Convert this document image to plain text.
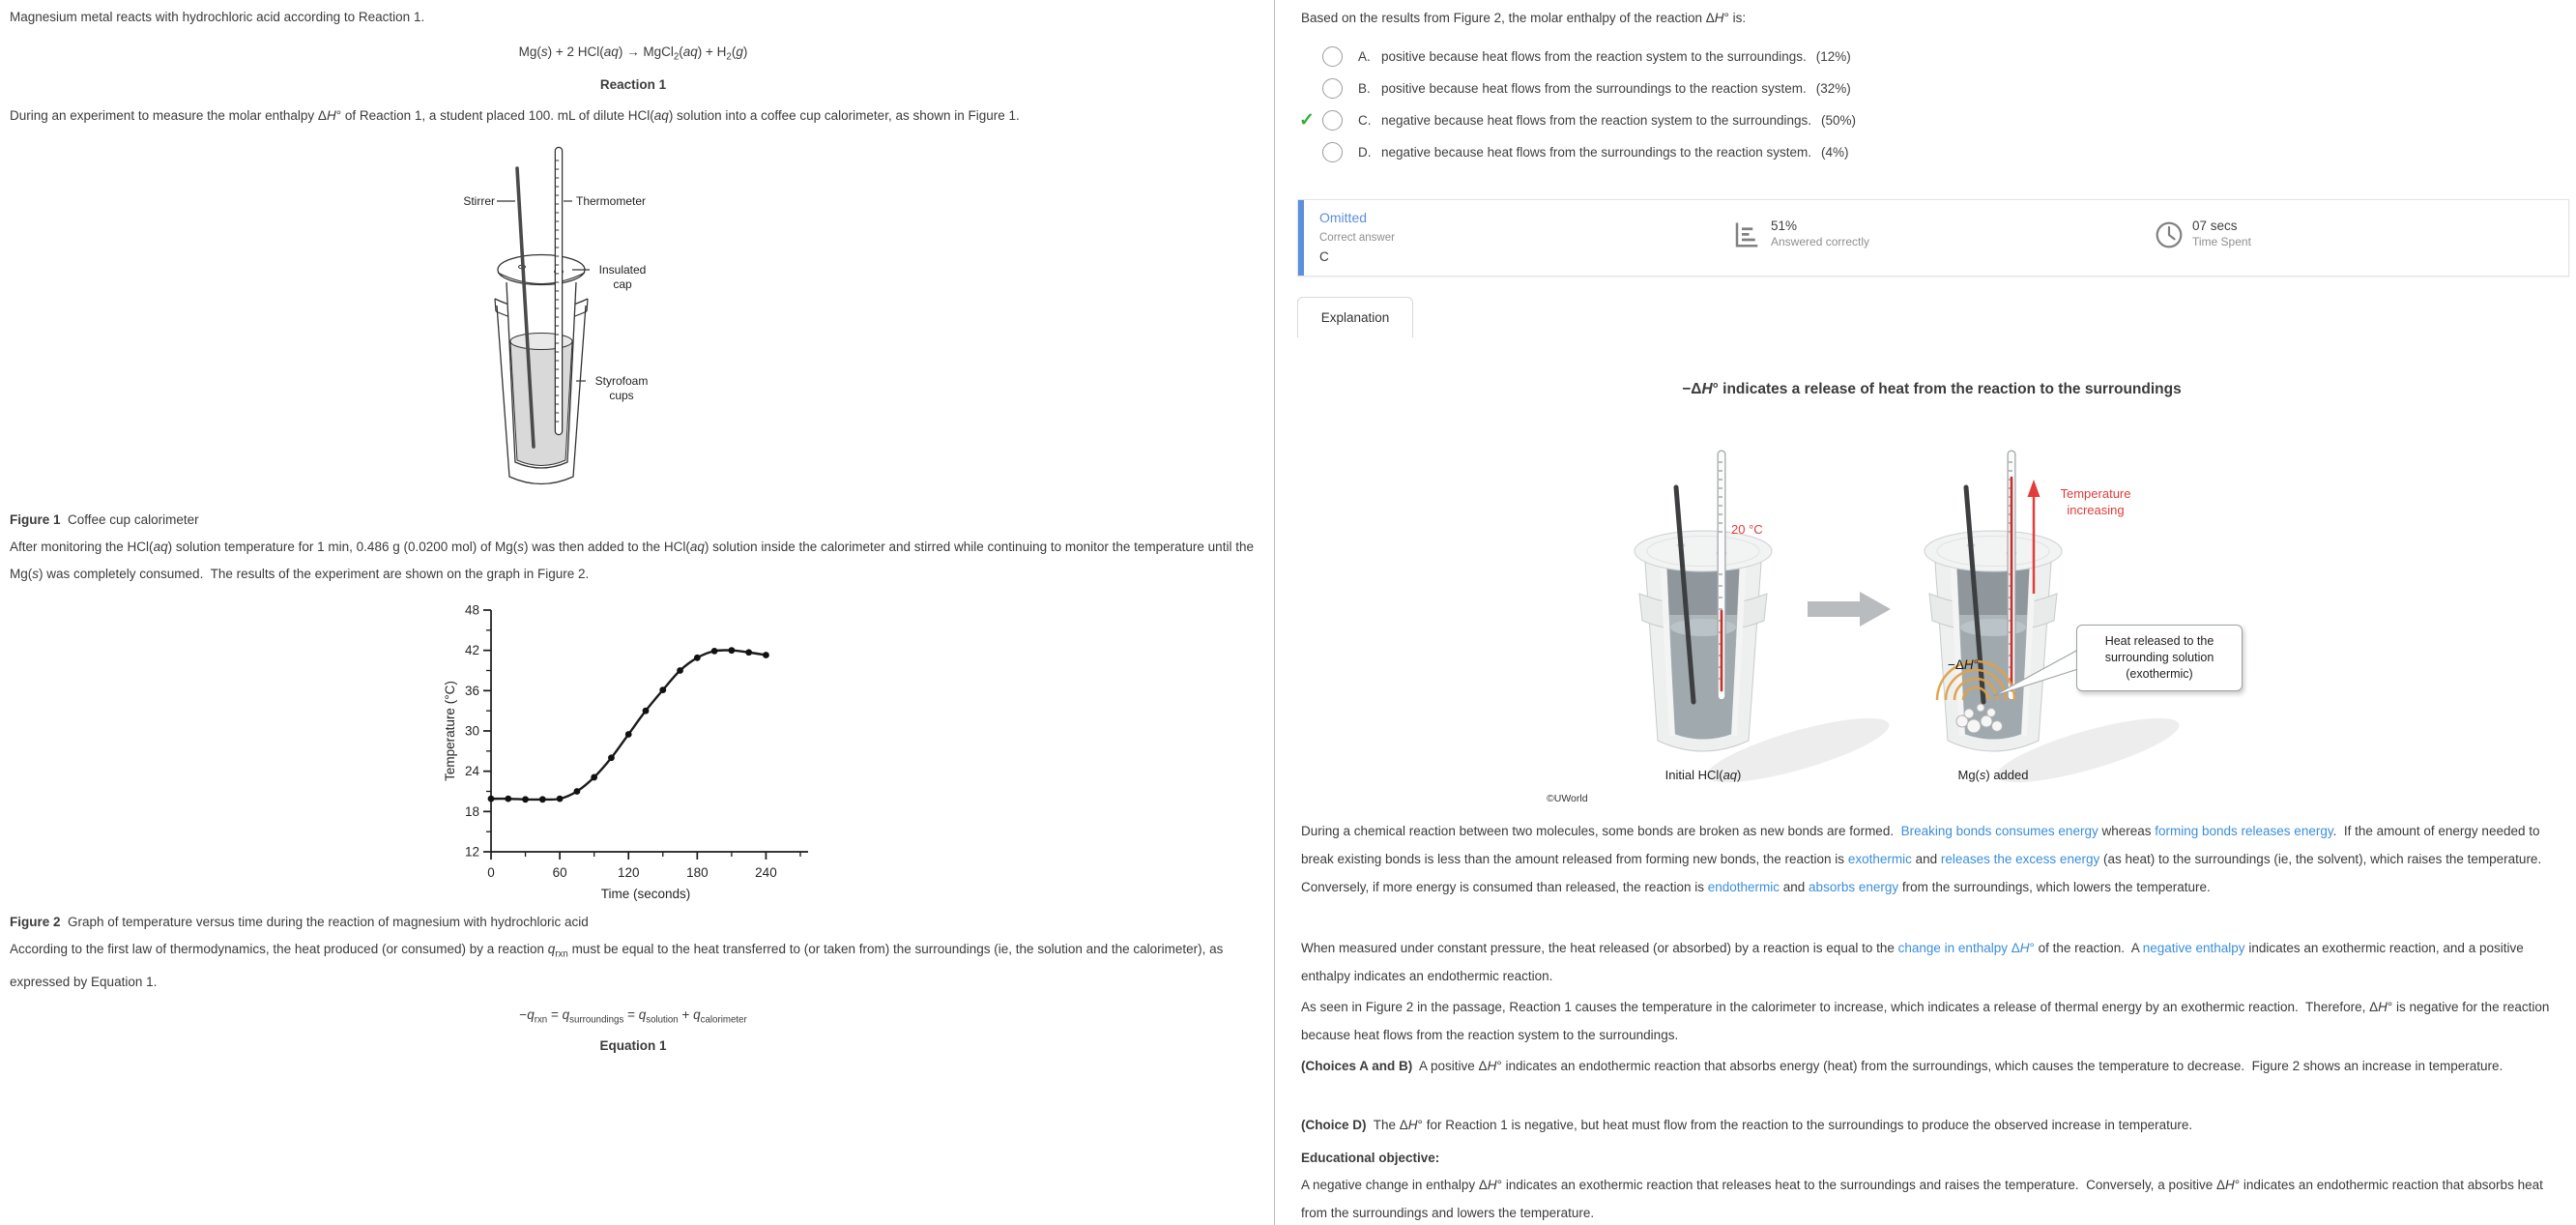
Magnesium metal reacts with hydrochloric acid according to Reaction 1.
Mg(s) + 2 HCl(aq) → MgCl$_2$(aq) + $H_2(g)$
Reaction 1
During an experiment to measure the molar enthalpy ΔH° of Reaction 1, a student placed 100. mL of dilute HCl(aq) solution into a coffee cup calorimeter, as shown in Figure 1.
Stirrer	Thermometer
Insulated cap
Styrofoam cups
Figure 1  Coffee cup calorimeter
After monitoring the HCl(aq) solution temperature for 1 min, 0.486 g (0.0200 mol) of Mg(s) was then added to the HCl(aq) solution inside the calorimeter and stirred while continuing to monitor the temperature until the Mg(s) was completely consumed.  The results of the experiment are shown on the graph in Figure 2.
12
18
24
30
36
42
48
0	60	120	180	240
Time (seconds)
Temperature (°C)
Figure 2  Graph of temperature versus time during the reaction of magnesium with hydrochloric acid
According to the first law of thermodynamics, the heat produced (or consumed) by a reaction $q_{rxn}$ must be equal to the heat transferred to (or taken from) the surroundings (ie, the solution and the calorimeter), as expressed by Equation 1.
$-q_{rxn} = q_{surroundings} = q_{solution} + q_{calorimeter}$
Equation 1
Based on the results from Figure 2, the molar enthalpy of the reaction ΔH° is:
A. positive because heat flows from the reaction system to the surroundings. (12%)
B. positive because heat flows from the surroundings to the reaction system. (32%)
✓	C. negative because heat flows from the reaction system to the surroundings. (50%)
D. negative because heat flows from the surroundings to the reaction system. (4%)
Omitted
Correct answer
C
51%
Answered correctly
07 secs
Time Spent
Explanation
−ΔH° indicates a release of heat from the reaction to the surroundings
20 °C
Temperature increasing
−ΔH°
Heat released to the surrounding solution (exothermic)
Initial HCl(aq)	Mg(s) added
©UWorld
During a chemical reaction between two molecules, some bonds are broken as new bonds are formed.  Breaking bonds consumes energy whereas forming bonds releases energy.  If the amount of energy needed to break existing bonds is less than the amount released from forming new bonds, the reaction is exothermic and releases the excess energy (as heat) to the surroundings (ie, the solvent), which raises the temperature.  Conversely, if more energy is consumed than released, the reaction is endothermic and absorbs energy from the surroundings, which lowers the temperature.
When measured under constant pressure, the heat released (or absorbed) by a reaction is equal to the change in enthalpy ΔH° of the reaction.  A negative enthalpy indicates an exothermic reaction, and a positive enthalpy indicates an endothermic reaction.
As seen in Figure 2 in the passage, Reaction 1 causes the temperature in the calorimeter to increase, which indicates a release of thermal energy by an exothermic reaction.  Therefore, ΔH° is negative for the reaction because heat flows from the reaction system to the surroundings.
(Choices A and B)  A positive ΔH° indicates an endothermic reaction that absorbs energy (heat) from the surroundings, which causes the temperature to decrease.  Figure 2 shows an increase in temperature.
(Choice D)  The ΔH° for Reaction 1 is negative, but heat must flow from the reaction to the surroundings to produce the observed increase in temperature.
Educational objective:
A negative change in enthalpy ΔH° indicates an exothermic reaction that releases heat to the surroundings and raises the temperature.  Conversely, a positive ΔH° indicates an endothermic reaction that absorbs heat from the surroundings and lowers the temperature.
